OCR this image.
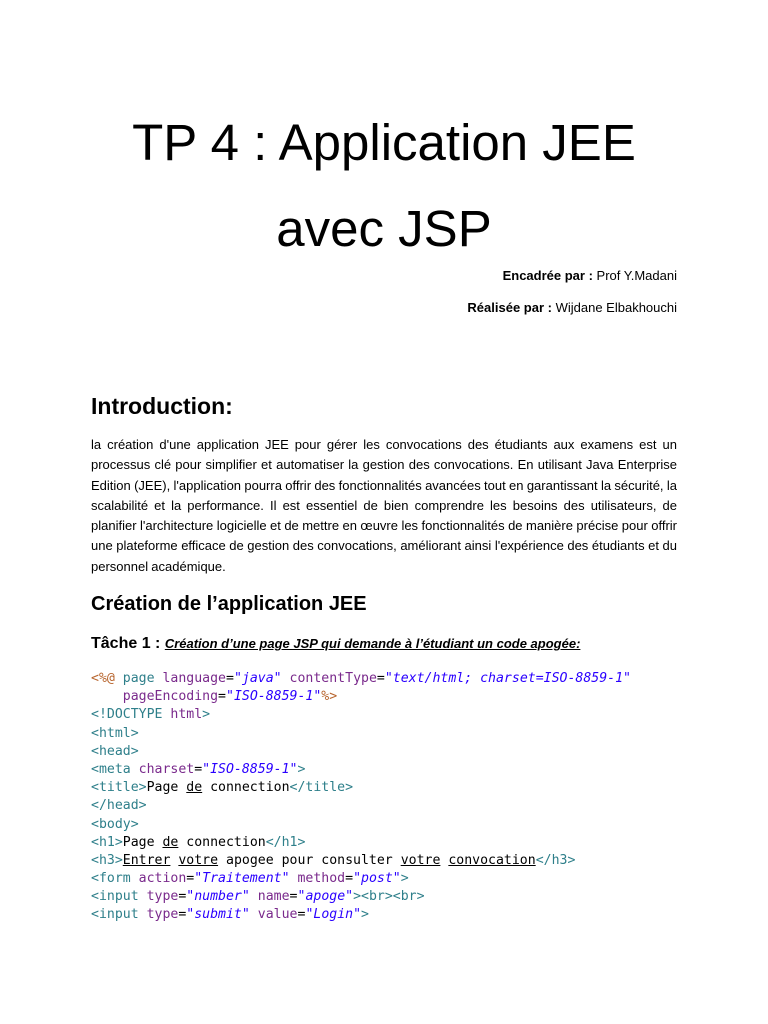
TP 4 : Application JEE
avec JSP
Encadrée par : Prof Y.Madani
Réalisée par : Wijdane Elbakhouchi
Introduction:

la création d'une application JEE pour gérer les convocations des étudiants aux examens est un processus clé pour simplifier et automatiser la gestion des convocations. En utilisant Java Enterprise Edition (JEE), l'application pourra offrir des fonctionnalités avancées tout en garantissant la sécurité, la scalabilité et la performance. Il est essentiel de bien comprendre les besoins des utilisateurs, de planifier l'architecture logicielle et de mettre en œuvre les fonctionnalités de manière précise pour offrir une plateforme efficace de gestion des convocations, améliorant ainsi l'expérience des étudiants et du personnel académique.

Création de l’application JEE

Tâche 1 : Création d’une page JSP qui demande à l’étudiant un code apogée:

<%@ page language="java" contentType="text/html; charset=ISO-8859-1"
pageEncoding="ISO-8859-1"%>
<!DOCTYPE html>
<html>
<head>
<meta charset="ISO-8859-1">
<title>Page de connection</title>
</head>
<body>
<h1>Page de connection</h1>
<h3>Entrer votre apogee pour consulter votre convocation</h3>
<form action="Traitement" method="post">
<input type="number" name="apoge"><br><br>
<input type="submit" value="Login">
